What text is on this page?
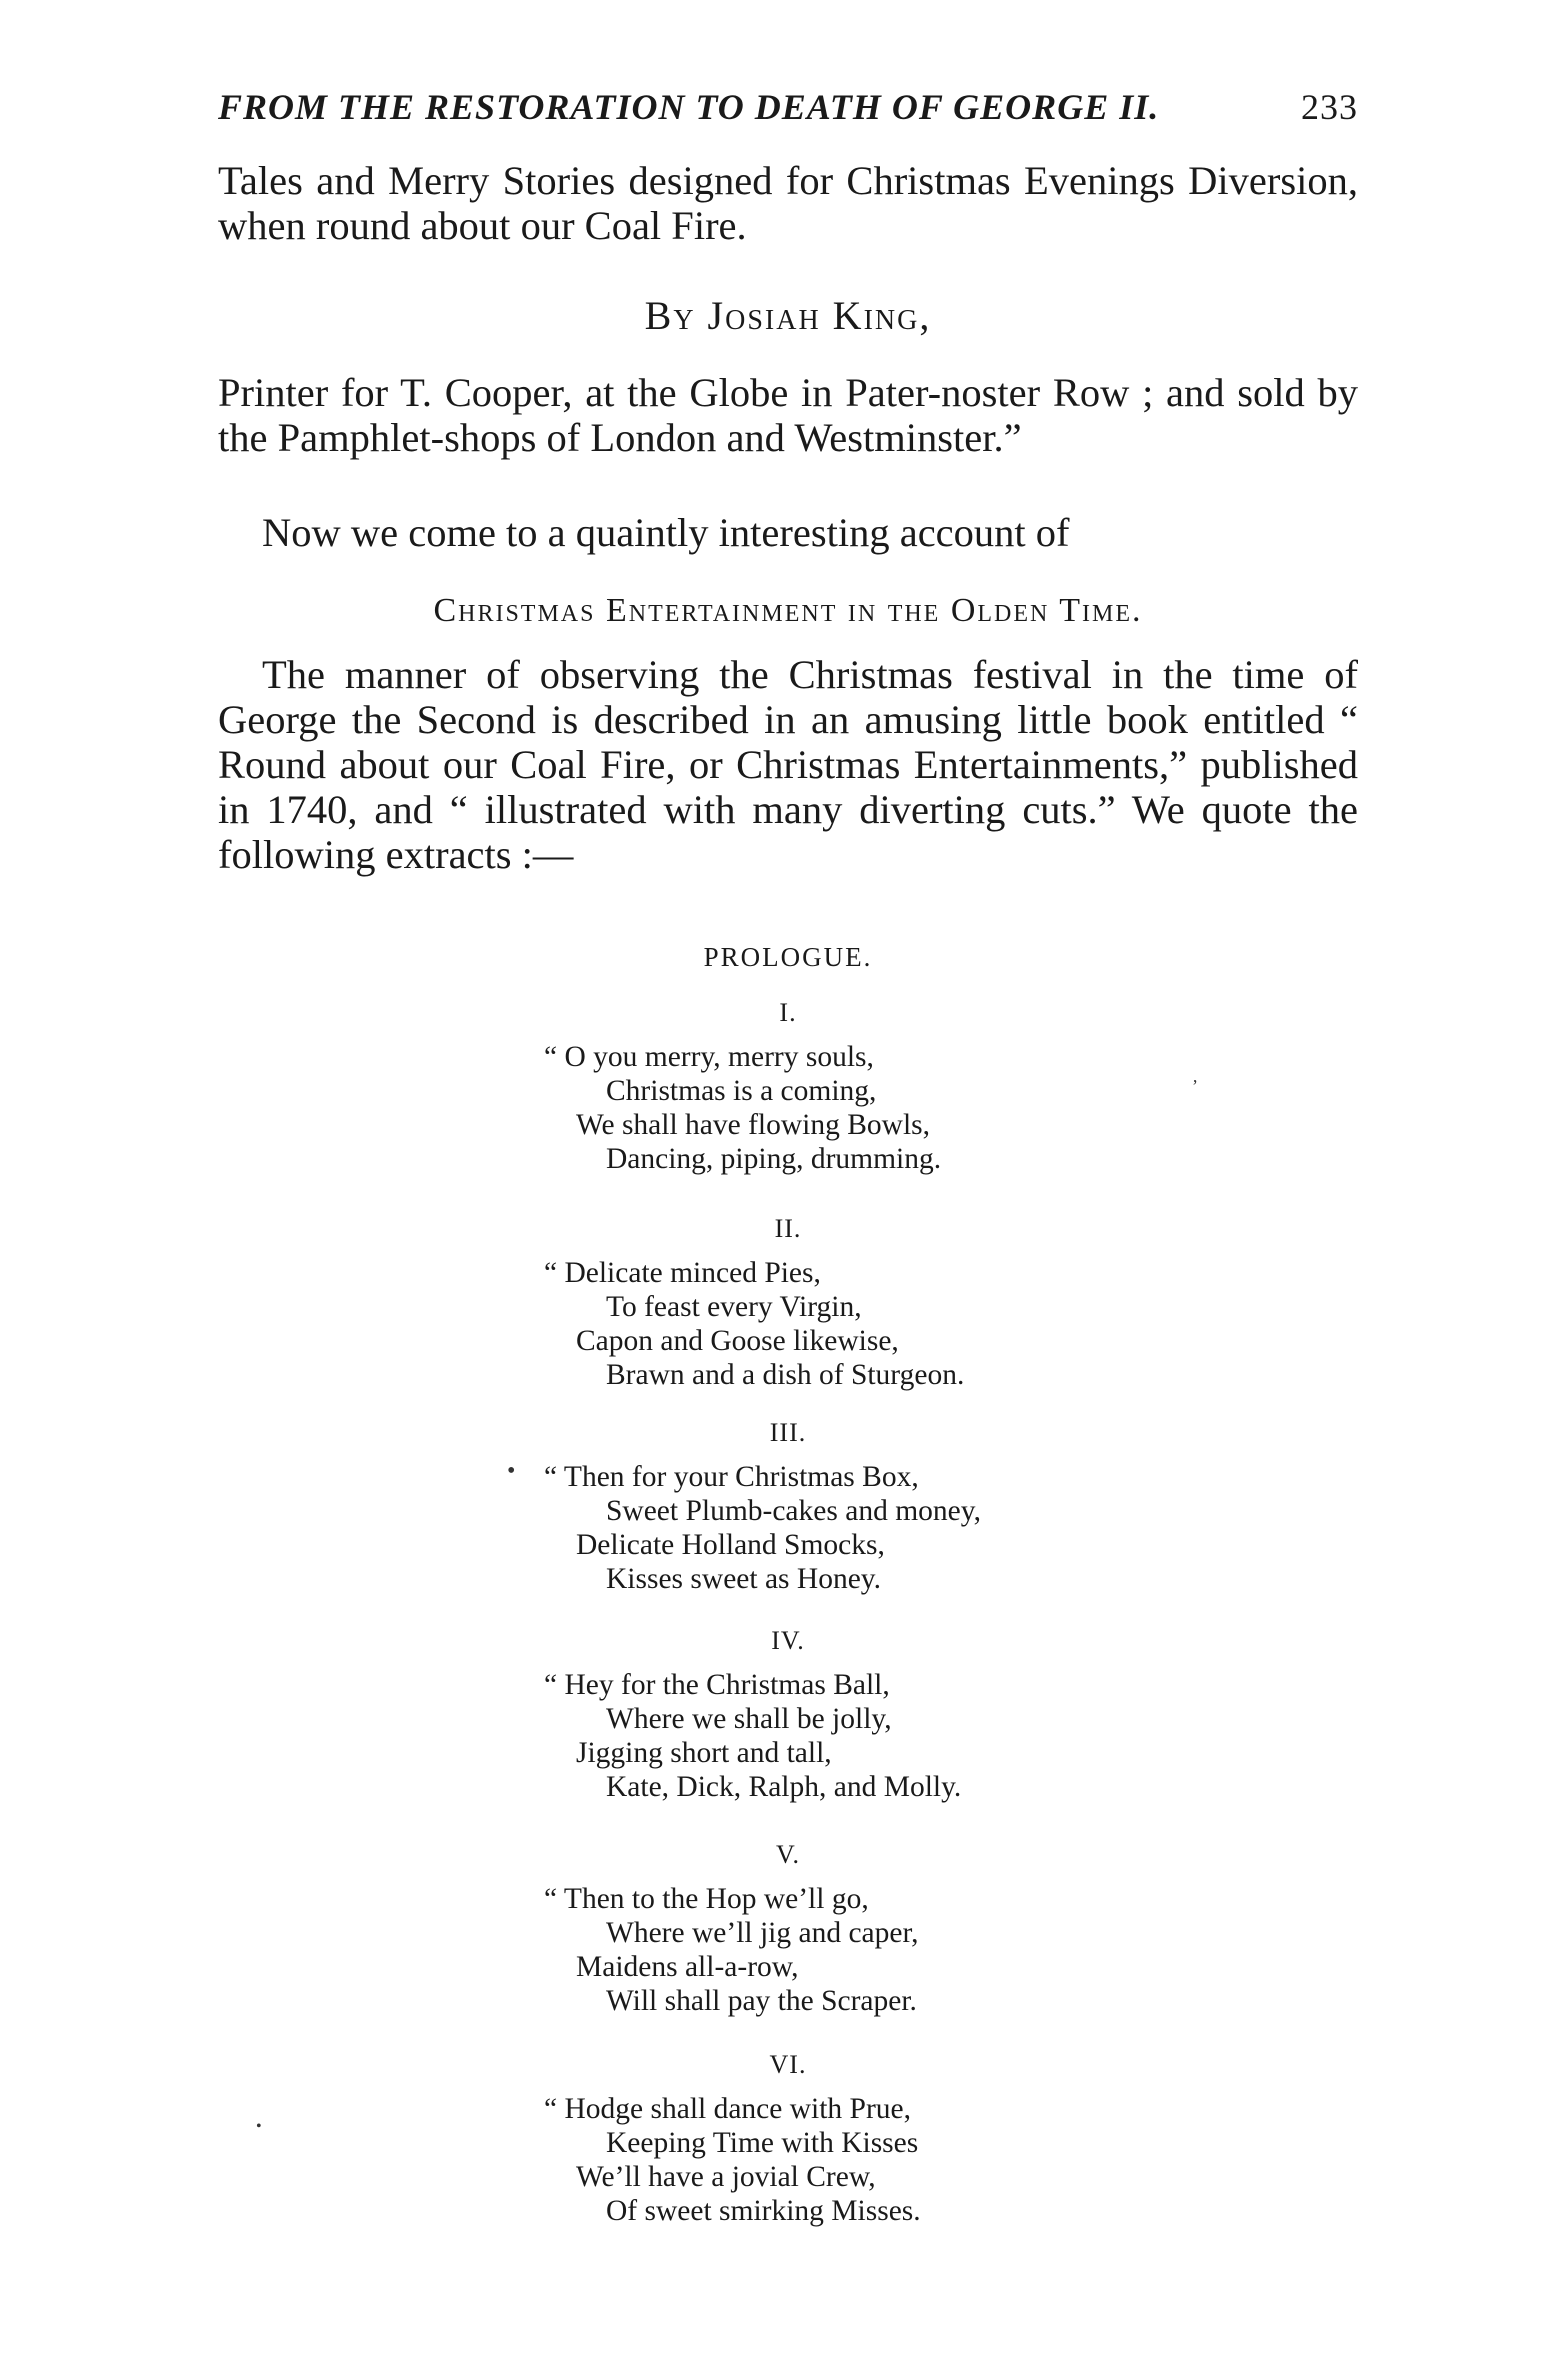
FROM THE RESTORATION TO DEATH OF GEORGE II.	233

Tales and Merry Stories designed for Christmas Evenings Diversion, when round about our Coal Fire.

By Josiah King,

Printer for T. Cooper, at the Globe in Pater-noster Row ; and sold by the Pamphlet-shops of London and Westminster.”

Now we come to a quaintly interesting account of

Christmas Entertainment in the Olden Time.

The manner of observing the Christmas festival in the time of George the Second is described in an amusing little book entitled “ Round about our Coal Fire, or Christmas Entertainments,” published in 1740, and “ illustrated with many diverting cuts.” We quote the following extracts :—

PROLOGUE.
I.
“ O you merry, merry souls,
Christmas is a coming,
We shall have flowing Bowls,
Dancing, piping, drumming.
II.
“ Delicate minced Pies,
To feast every Virgin,
Capon and Goose likewise,
Brawn and a dish of Sturgeon.
III.
“ Then for your Christmas Box,
Sweet Plumb-cakes and money,
Delicate Holland Smocks,
Kisses sweet as Honey.
IV.
“ Hey for the Christmas Ball,
Where we shall be jolly,
Jigging short and tall,
Kate, Dick, Ralph, and Molly.
V.
“ Then to the Hop we’ll go,
Where we’ll jig and caper,
Maidens all-a-row,
Will shall pay the Scraper.
VI.
“ Hodge shall dance with Prue,
Keeping Time with Kisses
We’ll have a jovial Crew,
Of sweet smirking Misses.
•
’
•
